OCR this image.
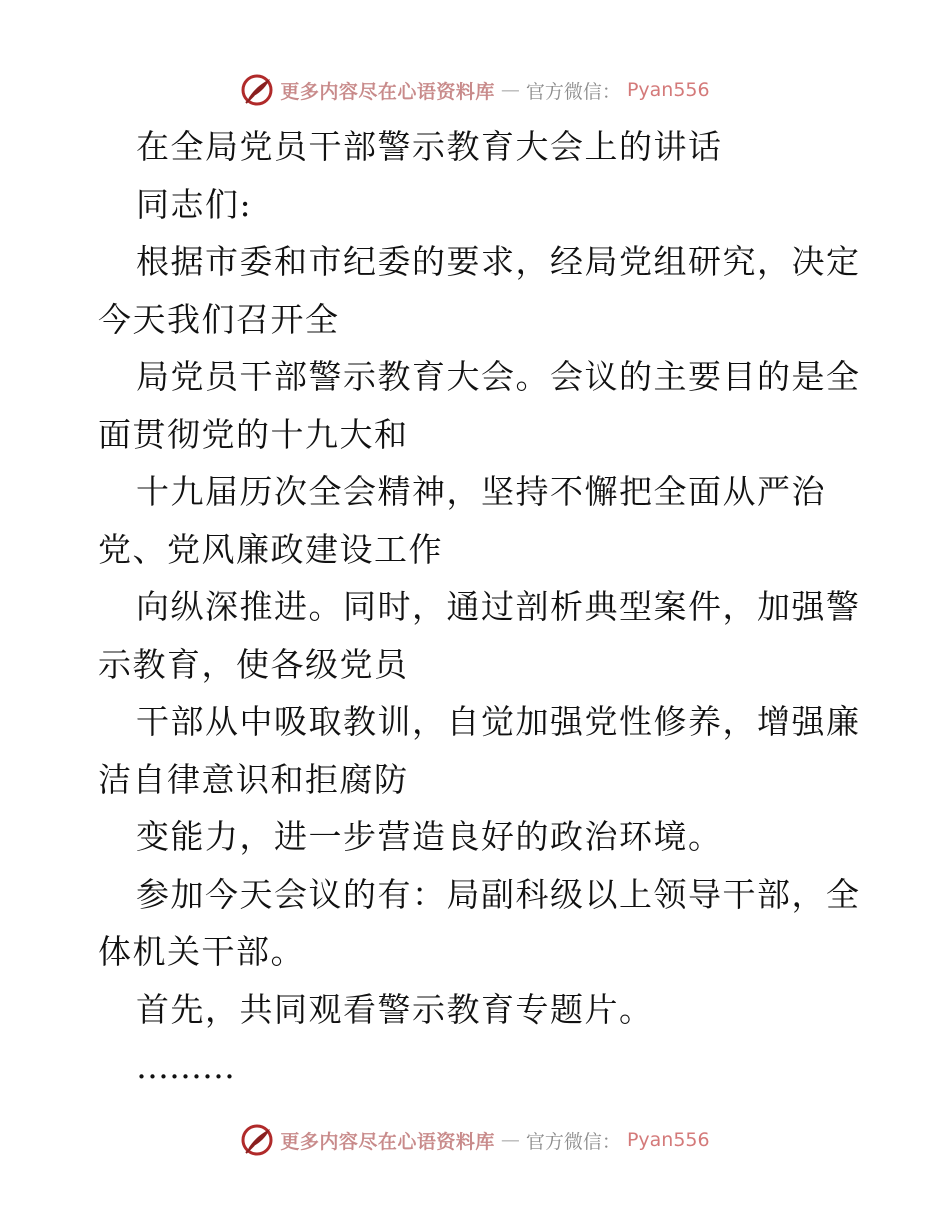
更多内容尽在心语资料库 — 官方微信： Pyan556
在全局党员干部警示教育大会上的讲话
同志们:
根据市委和市纪委的要求，经局党组研究，决定
今天我们召开全
局党员干部警示教育大会。会议的主要目的是全
面贯彻党的十九大和
十九届历次全会精神，坚持不懈把全面从严治
党、党风廉政建设工作
向纵深推进。同时，通过剖析典型案件，加强警
示教育，使各级党员
干部从中吸取教训，自觉加强党性修养，增强廉
洁自律意识和拒腐防
变能力，进一步营造良好的政治环境。
参加今天会议的有：局副科级以上领导干部，全
体机关干部。
首先，共同观看警示教育专题片。
………
更多内容尽在心语资料库 — 官方微信： Pyan556
